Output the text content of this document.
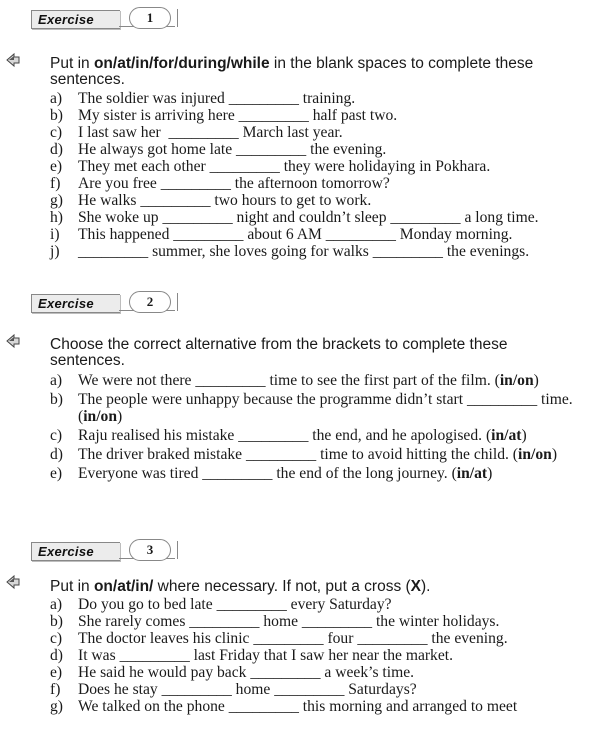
Exercise	1
Put in on/at/in/for/during/while in the blank spaces to complete these sentences.
a)	The soldier was injured _________ training.
b) My sister is arriving here _________ half past two.
c)	I last saw her  _________ March last year.
d) He always got home late _________ the evening.
e)	They met each other _________ they were holidaying in Pokhara.
f)	Are you free _________ the afternoon tomorrow?
g) He walks _________ two hours to get to work.
h) She woke up _________ night and couldn’t sleep _________ a long time.
i)	This happened _________ about 6 AM _________ Monday morning.
j)	_________ summer, she loves going for walks _________ the evenings.
Exercise	2
Choose the correct alternative from the brackets to complete these sentences.
a)	We were not there _________ time to see the first part of the film. (in/on)
b) The people were unhappy because the programme didn’t start _________ time. (in/on)
c)	Raju realised his mistake _________ the end, and he apologised. (in/at)
d) The driver braked mistake _________ time to avoid hitting the child. (in/on)
e)	Everyone was tired _________ the end of the long journey. (in/at)
Exercise	3
Put in on/at/in/ where necessary. If not, put a cross (X).
a)	Do you go to bed late _________ every Saturday?
b) She rarely comes _________ home _________ the winter holidays.
c)	The doctor leaves his clinic _________ four _________ the evening.
d) It was _________ last Friday that I saw her near the market.
e)	He said he would pay back _________ a week’s time.
f)	Does he stay _________ home _________ Saturdays?
g) We talked on the phone _________ this morning and arranged to meet
